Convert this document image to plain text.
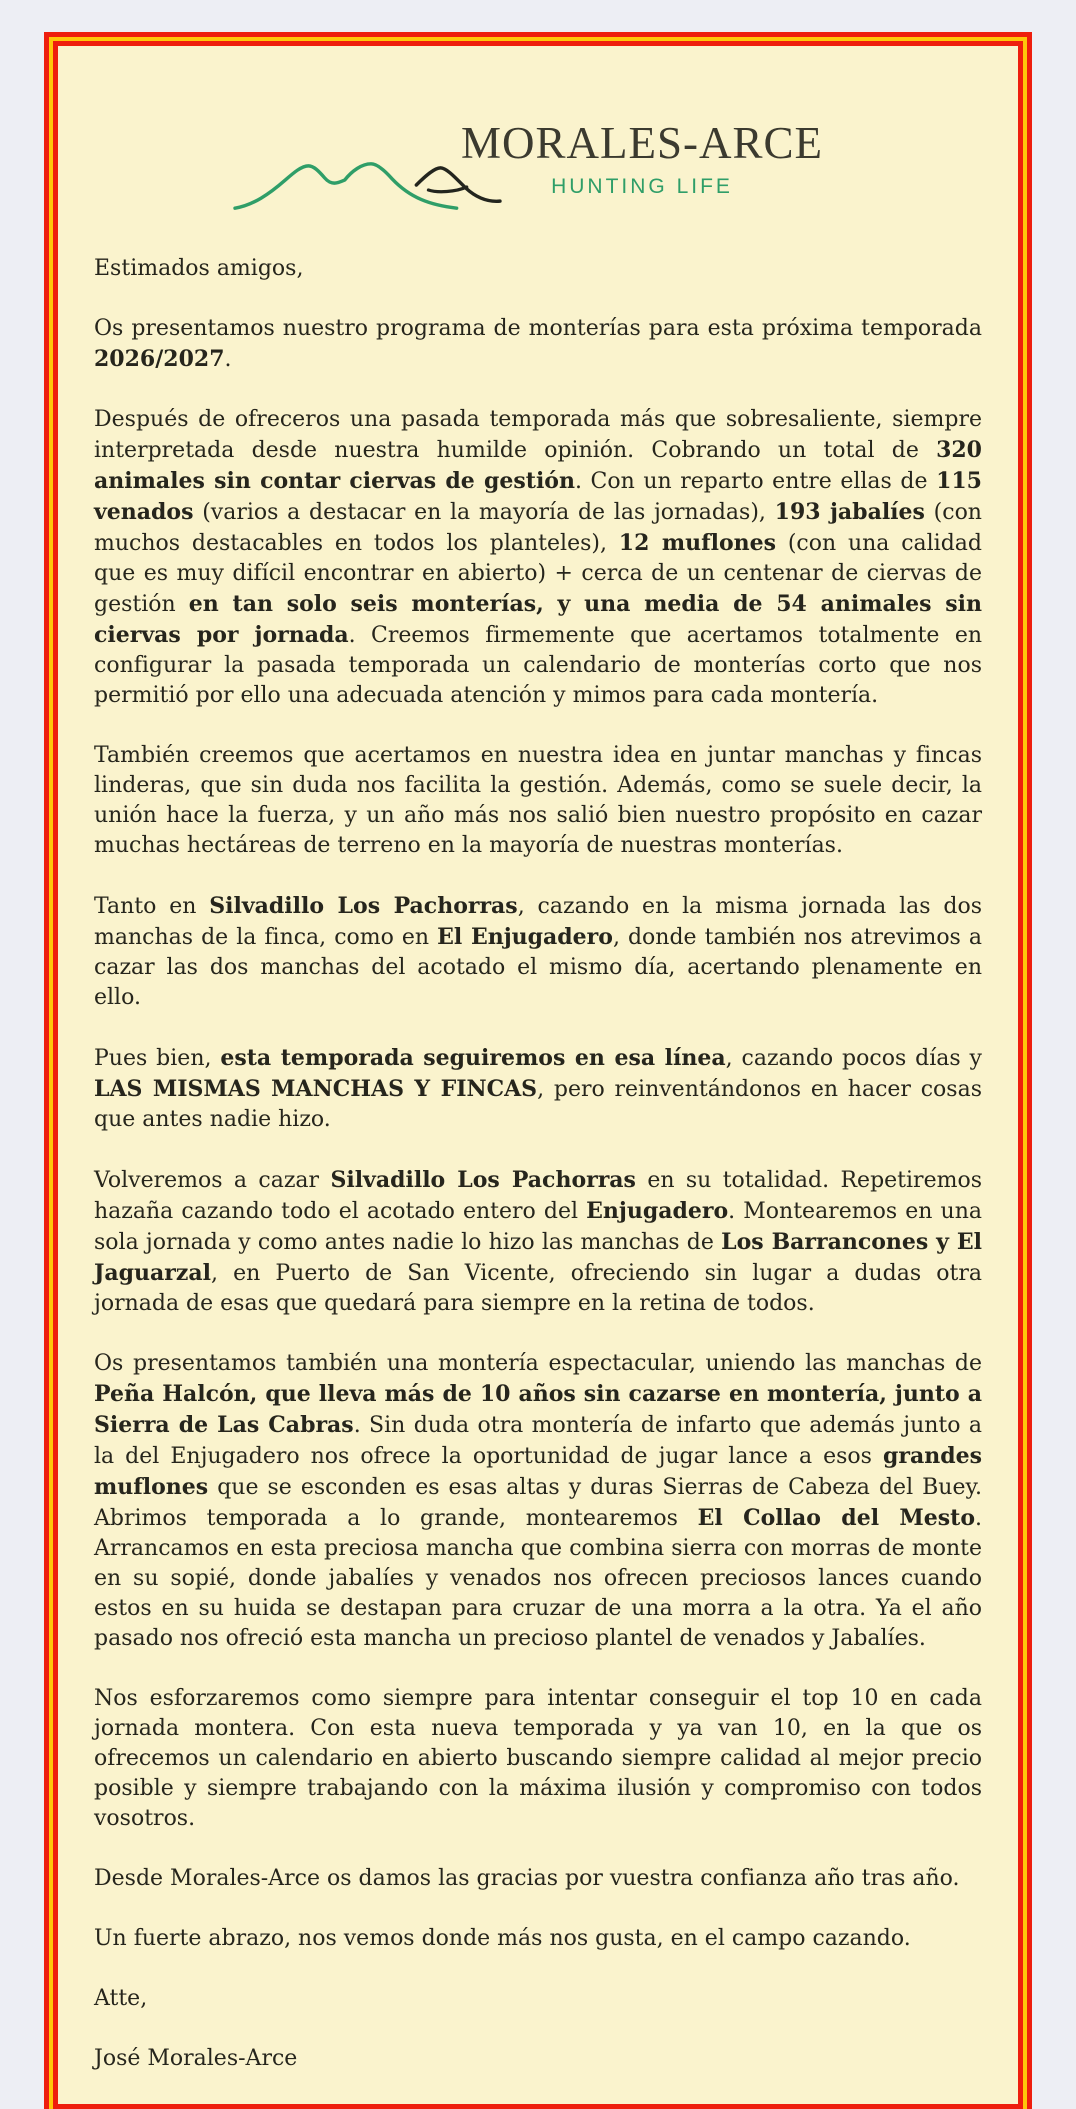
MORALES-ARCE
HUNTING LIFE

Estimados amigos,

Os presentamos nuestro programa de monterías para esta próxima temporada 2026/2027.

Después de ofreceros una pasada temporada más que sobresaliente, siempre interpretada desde nuestra humilde opinión. Cobrando un total de 320 animales sin contar ciervas de gestión. Con un reparto entre ellas de 115 venados (varios a destacar en la mayoría de las jornadas), 193 jabalíes (con muchos destacables en todos los planteles), 12 muflones (con una calidad que es muy difícil encontrar en abierto) + cerca de un centenar de ciervas de gestión en tan solo seis monterías, y una media de 54 animales sin ciervas por jornada. Creemos firmemente que acertamos totalmente en configurar la pasada temporada un calendario de monterías corto que nos permitió por ello una adecuada atención y mimos para cada montería.

También creemos que acertamos en nuestra idea en juntar manchas y fincas linderas, que sin duda nos facilita la gestión. Además, como se suele decir, la unión hace la fuerza, y un año más nos salió bien nuestro propósito en cazar muchas hectáreas de terreno en la mayoría de nuestras monterías.

Tanto en Silvadillo Los Pachorras, cazando en la misma jornada las dos manchas de la finca, como en El Enjugadero, donde también nos atrevimos a cazar las dos manchas del acotado el mismo día, acertando plenamente en ello.

Pues bien, esta temporada seguiremos en esa línea, cazando pocos días y LAS MISMAS MANCHAS Y FINCAS, pero reinventándonos en hacer cosas que antes nadie hizo.

Volveremos a cazar Silvadillo Los Pachorras en su totalidad. Repetiremos hazaña cazando todo el acotado entero del Enjugadero. Montearemos en una sola jornada y como antes nadie lo hizo las manchas de Los Barrancones y El Jaguarzal, en Puerto de San Vicente, ofreciendo sin lugar a dudas otra jornada de esas que quedará para siempre en la retina de todos.

Os presentamos también una montería espectacular, uniendo las manchas de Peña Halcón, que lleva más de 10 años sin cazarse en montería, junto a Sierra de Las Cabras. Sin duda otra montería de infarto que además junto a la del Enjugadero nos ofrece la oportunidad de jugar lance a esos grandes muflones que se esconden es esas altas y duras Sierras de Cabeza del Buey. Abrimos temporada a lo grande, montearemos El Collao del Mesto. Arrancamos en esta preciosa mancha que combina sierra con morras de monte en su sopié, donde jabalíes y venados nos ofrecen preciosos lances cuando estos en su huida se destapan para cruzar de una morra a la otra. Ya el año pasado nos ofreció esta mancha un precioso plantel de venados y Jabalíes.

Nos esforzaremos como siempre para intentar conseguir el top 10 en cada jornada montera. Con esta nueva temporada y ya van 10, en la que os ofrecemos un calendario en abierto buscando siempre calidad al mejor precio posible y siempre trabajando con la máxima ilusión y compromiso con todos vosotros.

Desde Morales-Arce os damos las gracias por vuestra confianza año tras año.

Un fuerte abrazo, nos vemos donde más nos gusta, en el campo cazando.

Atte,

José Morales-Arce
